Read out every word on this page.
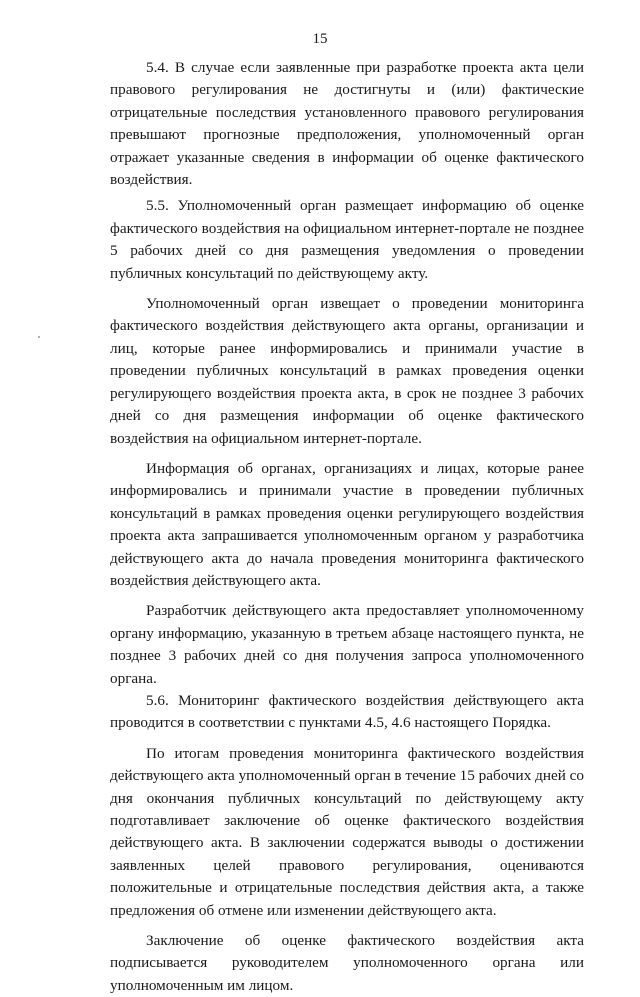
15

5.4. В случае если заявленные при разработке проекта акта цели правового регулирования не достигнуты и (или) фактические отрицательные последствия установленного правового регулирования превышают прогнозные предположения, уполномоченный орган отражает указанные сведения в информации об оценке фактического воздействия.

5.5. Уполномоченный орган размещает информацию об оценке фактического воздействия на официальном интернет-портале не позднее 5 рабочих дней со дня размещения уведомления о проведении публичных консультаций по действующему акту.

Уполномоченный орган извещает о проведении мониторинга фактического воздействия действующего акта органы, организации и лиц, которые ранее информировались и принимали участие в проведении публичных консультаций в рамках проведения оценки регулирующего воздействия проекта акта, в срок не позднее 3 рабочих дней со дня размещения информации об оценке фактического воздействия на официальном интернет-портале.

Информация об органах, организациях и лицах, которые ранее информировались и принимали участие в проведении публичных консультаций в рамках проведения оценки регулирующего воздействия проекта акта запрашивается уполномоченным органом у разработчика действующего акта до начала проведения мониторинга фактического воздействия действующего акта.

Разработчик действующего акта предоставляет уполномоченному органу информацию, указанную в третьем абзаце настоящего пункта, не позднее 3 рабочих дней со дня получения запроса уполномоченного органа.

5.6. Мониторинг фактического воздействия действующего акта проводится в соответствии с пунктами 4.5, 4.6 настоящего Порядка.

По итогам проведения мониторинга фактического воздействия действующего акта уполномоченный орган в течение 15 рабочих дней со дня окончания публичных консультаций по действующему акту подготавливает заключение об оценке фактического воздействия действующего акта. В заключении содержатся выводы о достижении заявленных целей правового регулирования, оцениваются положительные и отрицательные последствия действия акта, а также предложения об отмене или изменении действующего акта.

Заключение об оценке фактического воздействия акта подписывается руководителем уполномоченного органа или уполномоченным им лицом.
